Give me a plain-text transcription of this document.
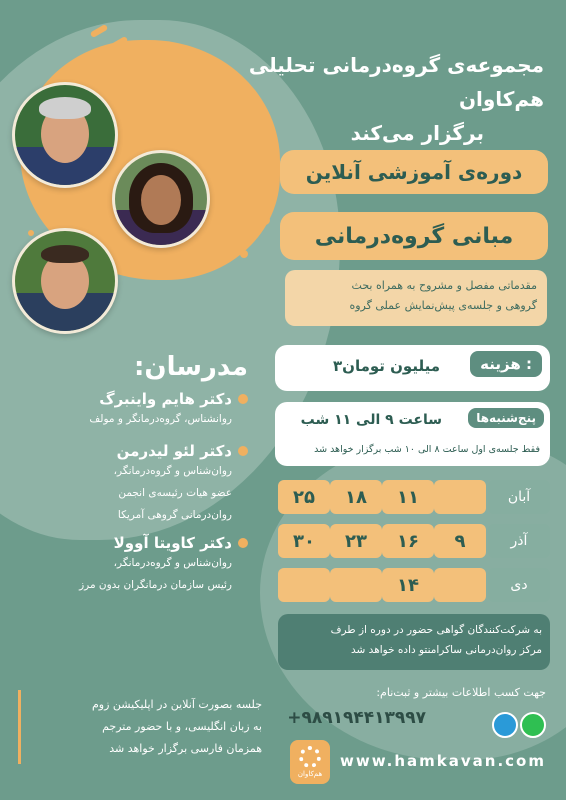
مجموعه‌ی گروه‌درمانی تحلیلی هم‌کاوان
برگزار می‌کند
دوره‌ی آموزشی آنلاین
مبانی گروه‌درمانی
مقدماتی مفصل و مشروح به همراه بحث
گروهی و جلسه‌ی پیش‌نمایش عملی گروه
هزینه :
۳میلیون تومان
پنج‌شنبه‌ها
ساعت ۹ الی ۱۱ شب
فقط جلسه‌ی اول ساعت ۸ الی ۱۰ شب برگزار خواهد شد
مدرسان:
دکتر هایم واینبرگ
روانشناس، گروه‌درمانگر و مولف
دکتر لئو لیدرمن
روان‌شناس و گروه‌درمانگر،
عضو هیات رئیسه‌ی انجمن
روان‌درمانی گروهی آمریکا
دکتر کاویتا آوولا
روان‌شناس و گروه‌درمانگر،
رئیس سازمان درمانگران بدون مرز
آبان
آذر
دی
۱۱
۱۸
۲۵
۹
۱۶
۲۳
۳۰
۱۴
به شرکت‌کنندگان گواهی حضور در دوره از طرف
مرکز روان‌درمانی ساکرامنتو داده خواهد شد
جلسه بصورت آنلاین در اپلیکیشن زوم
به زبان انگلیسی، و با حضور مترجم
همزمان فارسی برگزار خواهد شد
جهت کسب اطلاعات بیشتر و ثبت‌نام:
+۹۸۹۱۹۴۴۱۳۹۹۷
www.hamkavan.com
هم‌کاوان
